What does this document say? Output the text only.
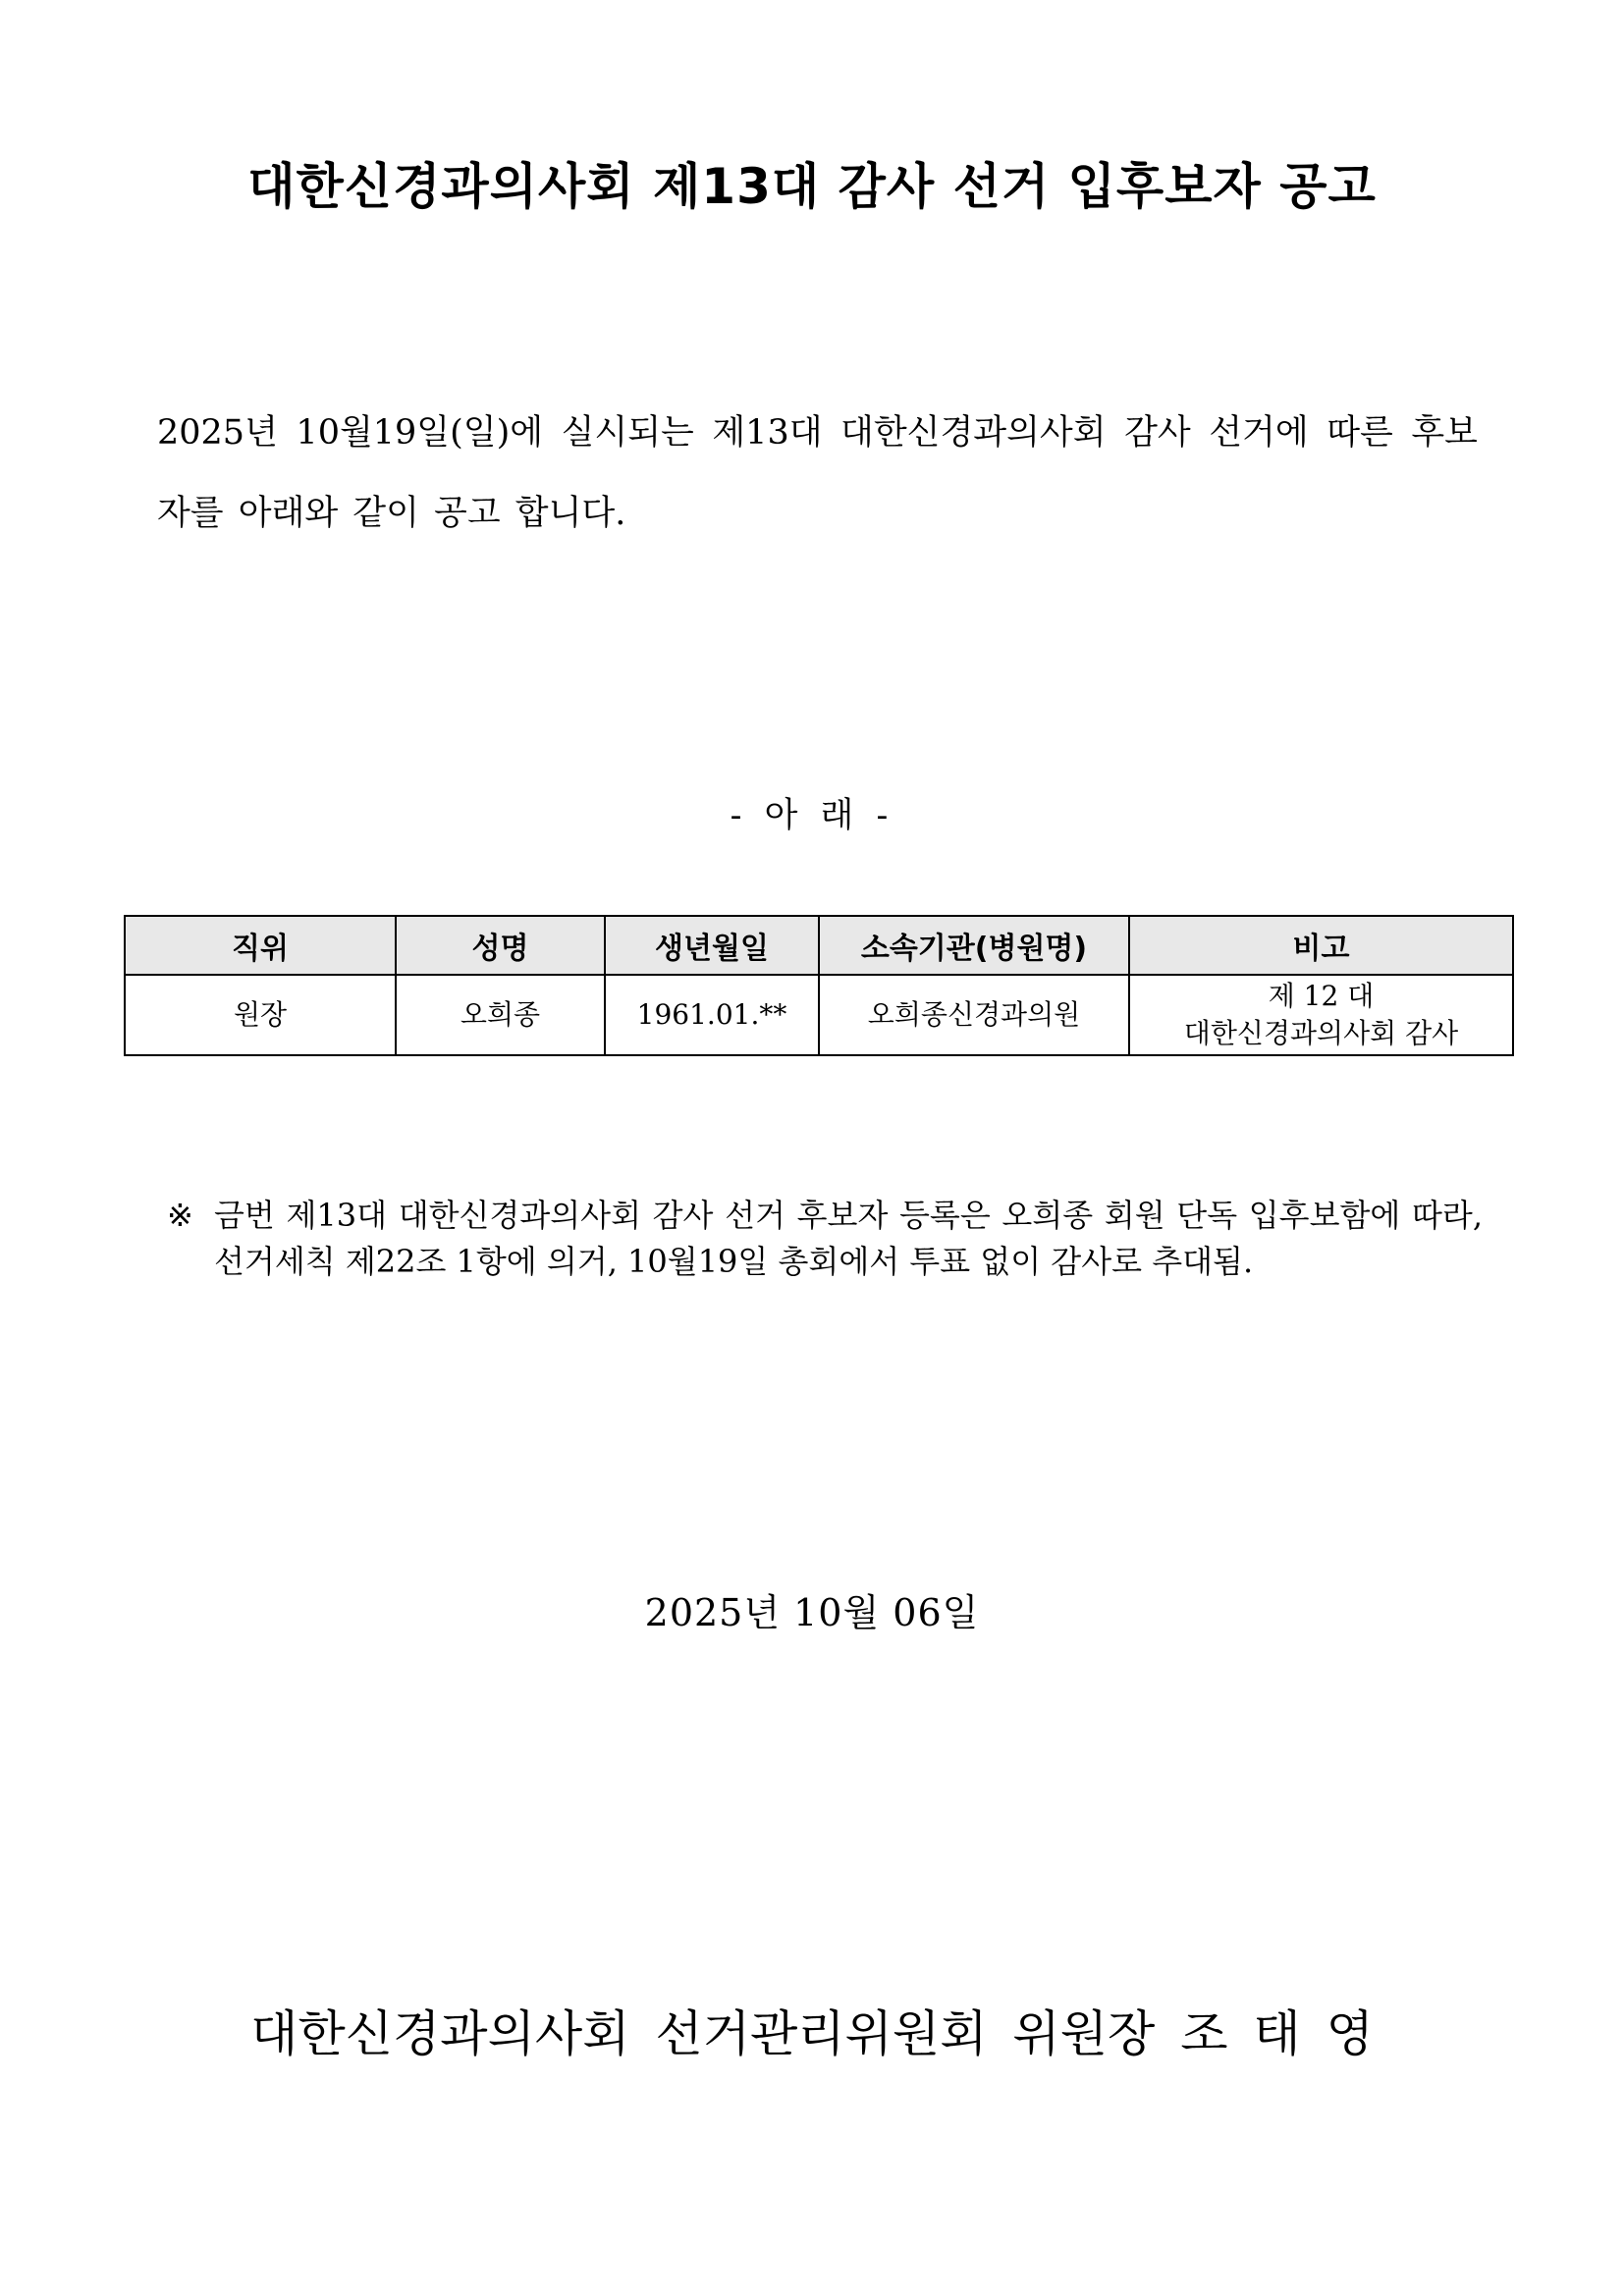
대한신경과의사회 제13대 감사 선거 입후보자 공고
2025년 10월19일(일)에 실시되는 제13대 대한신경과의사회 감사 선거에 따른 후보자를 아래와 같이 공고 합니다.
- 아 래 -
직위	성명	생년월일	소속기관(병원명)	비고
원장	오희종	1961.01.**	오희종신경과의원	제 12 대
대한신경과의사회 감사
※ 금번 제13대 대한신경과의사회 감사 선거 후보자 등록은 오희종 회원 단독 입후보함에 따라, 선거세칙 제22조 1항에 의거, 10월19일 총회에서 투표 없이 감사로 추대됨.
2025년 10월 06일
대한신경과의사회 선거관리위원회 위원장 조 태 영
